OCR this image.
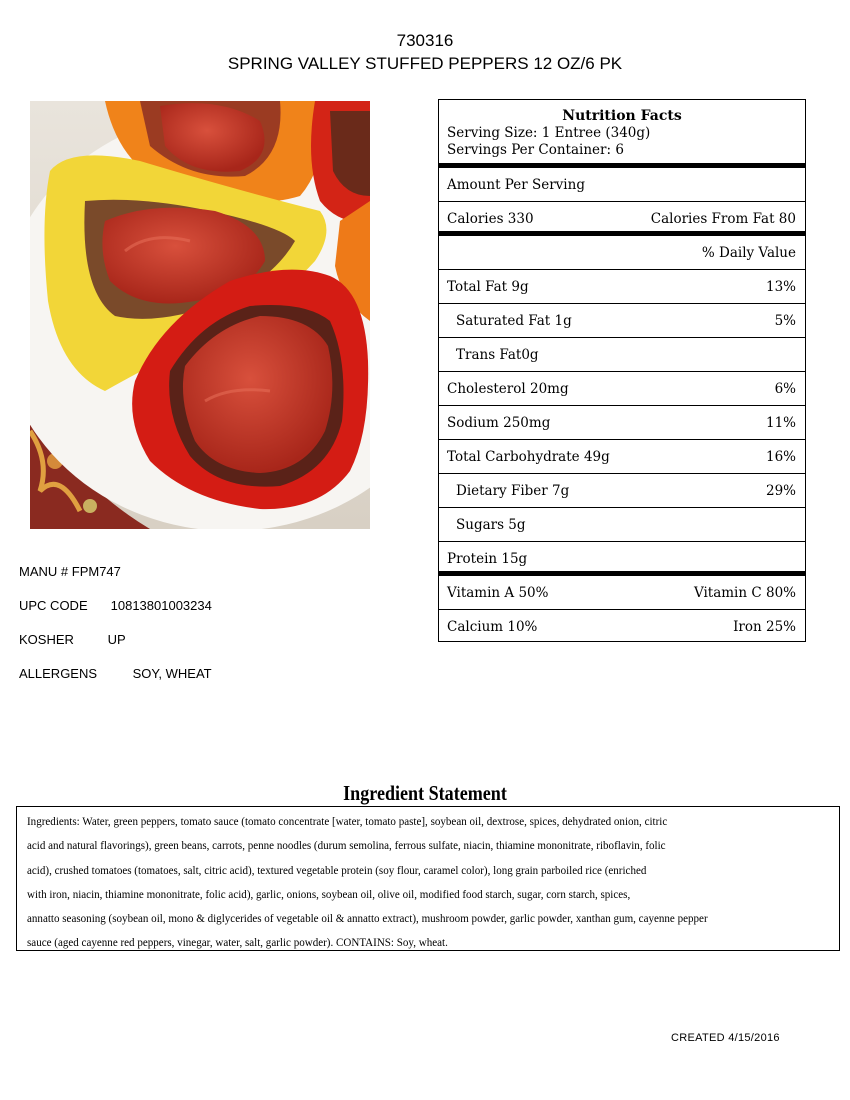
730316
SPRING VALLEY STUFFED PEPPERS 12 OZ/6 PK
MANU # FPM747
UPC CODE 10813801003234
KOSHER	UP
ALLERGENS	SOY, WHEAT
Nutrition Facts
Serving Size: 1 Entree (340g)
Servings Per Container: 6
Amount Per Serving
Calories 330	Calories From Fat 80
% Daily Value
Total Fat 9g	13%
Saturated Fat 1g	5%
Trans Fat0g
Cholesterol 20mg	6%
Sodium 250mg	11%
Total Carbohydrate 49g	16%
Dietary Fiber 7g	29%
Sugars 5g
Protein 15g
Vitamin A 50%	Vitamin C 80%
Calcium 10%	Iron 25%
Ingredient Statement
Ingredients: Water, green peppers, tomato sauce (tomato concentrate [water, tomato paste], soybean oil, dextrose, spices, dehydrated onion, citric
acid and natural flavorings), green beans, carrots, penne noodles (durum semolina, ferrous sulfate, niacin, thiamine mononitrate, riboflavin, folic
acid), crushed tomatoes (tomatoes, salt, citric acid), textured vegetable protein (soy flour, caramel color), long grain parboiled rice (enriched
with iron, niacin, thiamine mononitrate, folic acid), garlic, onions, soybean oil, olive oil, modified food starch, sugar, corn starch, spices,
annatto seasoning (soybean oil, mono & diglycerides of vegetable oil & annatto extract), mushroom powder, garlic powder, xanthan gum, cayenne pepper
sauce (aged cayenne red peppers, vinegar, water, salt, garlic powder). CONTAINS: Soy, wheat.
CREATED 4/15/2016
